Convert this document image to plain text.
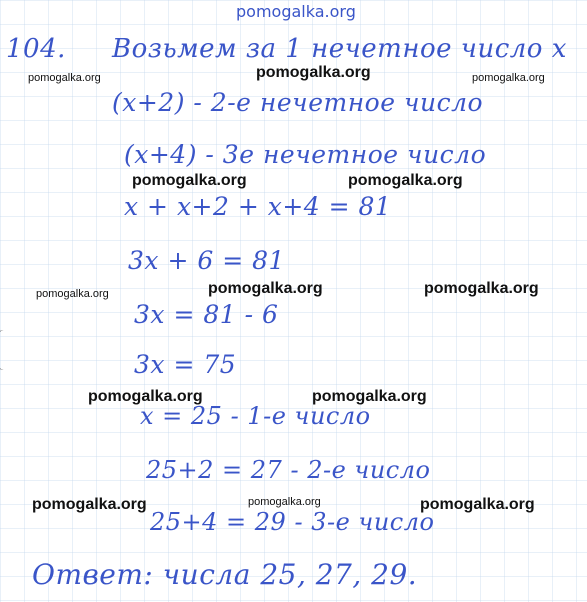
104. Возьмем за 1 нечетное число x
(x+2) - 2-е нечетное число
(x+4) - 3е нечетное число
x + x+2 + x+4 = 81
3x + 6 = 81
3x = 81 - 6
3x = 75
x = 25 - 1-е число
25+2 = 27 - 2-е число
25+4 = 29 - 3-е число
Ответ: числа 25, 27, 29.
pomogalka.org
pomogalka.org	pomogalka.org	pomogalka.org
pomogalka.org	pomogalka.org
pomogalka.org	pomogalka.org	pomogalka.org
pomogalka.org	pomogalka.org
pomogalka.org	pomogalka.org	pomogalka.org
